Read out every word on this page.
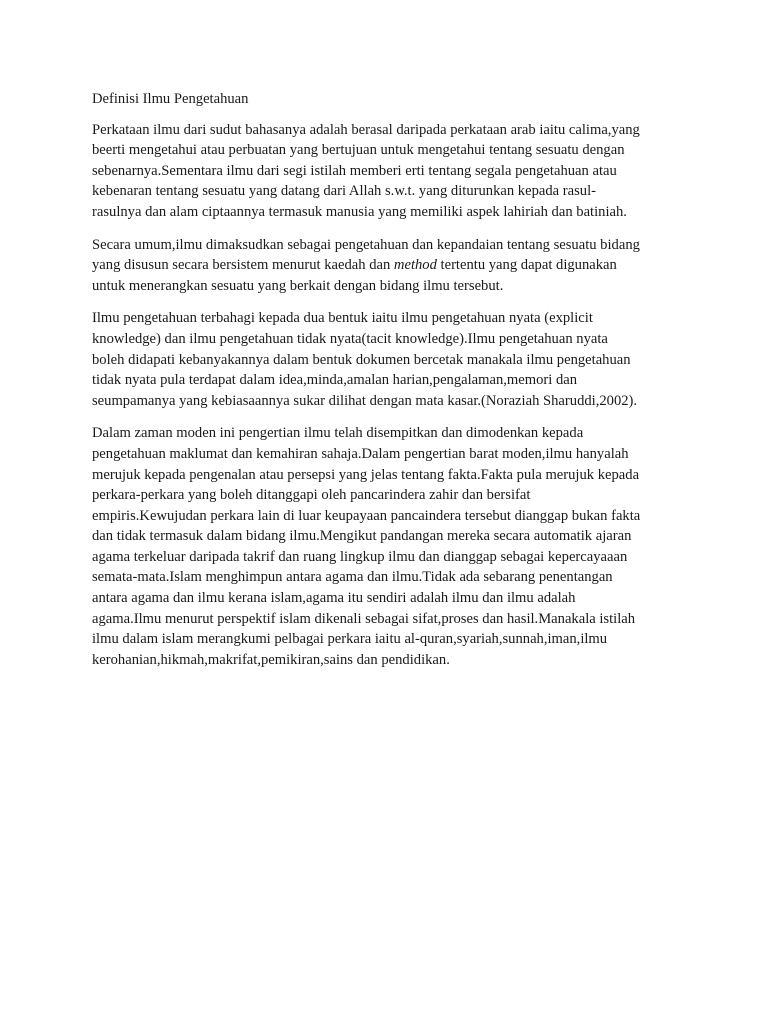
Definisi Ilmu Pengetahuan

Perkataan ilmu dari sudut bahasanya adalah berasal daripada perkataan arab iaitu calima,yang
beerti mengetahui atau perbuatan yang bertujuan untuk mengetahui tentang sesuatu dengan
sebenarnya.Sementara ilmu dari segi istilah memberi erti tentang segala pengetahuan atau
kebenaran tentang sesuatu yang datang dari Allah s.w.t. yang diturunkan kepada rasul-
rasulnya dan alam ciptaannya termasuk manusia yang memiliki aspek lahiriah dan batiniah.

Secara umum,ilmu dimaksudkan sebagai pengetahuan dan kepandaian tentang sesuatu bidang
yang disusun secara bersistem menurut kaedah dan method tertentu yang dapat digunakan
untuk menerangkan sesuatu yang berkait dengan bidang ilmu tersebut.

Ilmu pengetahuan terbahagi kepada dua bentuk iaitu ilmu pengetahuan nyata (explicit
knowledge) dan ilmu pengetahuan tidak nyata(tacit knowledge).Ilmu pengetahuan nyata
boleh didapati kebanyakannya dalam bentuk dokumen bercetak manakala ilmu pengetahuan
tidak nyata pula terdapat dalam idea,minda,amalan harian,pengalaman,memori dan
seumpamanya yang kebiasaannya sukar dilihat dengan mata kasar.(Noraziah Sharuddi,2002).

Dalam zaman moden ini pengertian ilmu telah disempitkan dan dimodenkan kepada
pengetahuan maklumat dan kemahiran sahaja.Dalam pengertian barat moden,ilmu hanyalah
merujuk kepada pengenalan atau persepsi yang jelas tentang fakta.Fakta pula merujuk kepada
perkara-perkara yang boleh ditanggapi oleh pancarindera zahir dan bersifat
empiris.Kewujudan perkara lain di luar keupayaan pancaindera tersebut dianggap bukan fakta
dan tidak termasuk dalam bidang ilmu.Mengikut pandangan mereka secara automatik ajaran
agama terkeluar daripada takrif dan ruang lingkup ilmu dan dianggap sebagai kepercayaaan
semata-mata.Islam menghimpun antara agama dan ilmu.Tidak ada sebarang penentangan
antara agama dan ilmu kerana islam,agama itu sendiri adalah ilmu dan ilmu adalah
agama.Ilmu menurut perspektif islam dikenali sebagai sifat,proses dan hasil.Manakala istilah
ilmu dalam islam merangkumi pelbagai perkara iaitu al-quran,syariah,sunnah,iman,ilmu
kerohanian,hikmah,makrifat,pemikiran,sains dan pendidikan.
